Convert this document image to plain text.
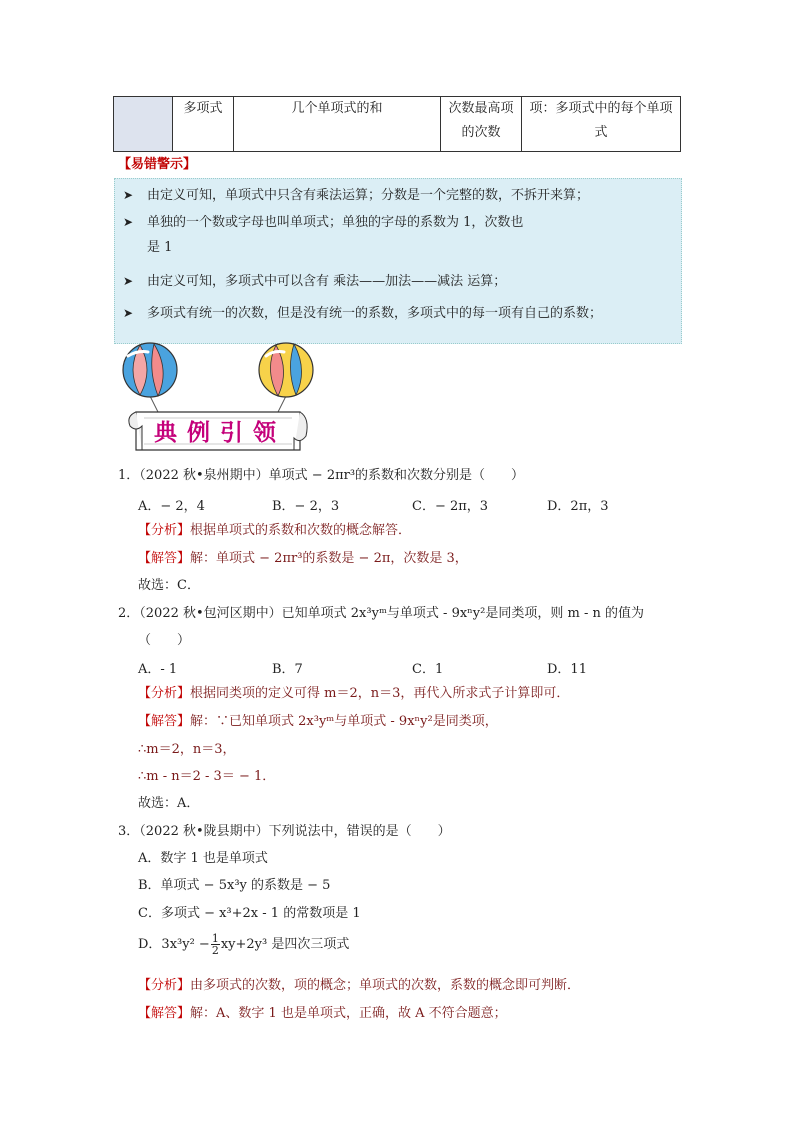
	多项式	几个单项式的和	次数最高项的次数	项：多项式中的每个单项式
【易错警示】
➤ 由定义可知，单项式中只含有乘法运算；分数是一个完整的数，不拆开来算；
➤ 单独的一个数或字母也叫单项式；单独的字母的系数为 1，次数也
是 1
➤ 由定义可知，多项式中可以含有 乘法——加法——减法 运算；
➤ 多项式有统一的次数，但是没有统一的系数，多项式中的每一项有自己的系数；
典例引领
1．（2022 秋•泉州期中）单项式 − 2πr³的系数和次数分别是（　　）
A．− 2，4	B．− 2，3	C．− 2π，3	D．2π，3
【分析】根据单项式的系数和次数的概念解答．
【解答】解：单项式 − 2πr³的系数是 − 2π，次数是 3，
故选：C．
2．（2022 秋•包河区期中）已知单项式 2x³yᵐ与单项式 - 9xⁿy²是同类项，则 m - n 的值为
（　　）
A．- 1	B．7	C．1	D．11
【分析】根据同类项的定义可得 m＝2，n＝3，再代入所求式子计算即可．
【解答】解：∵已知单项式 2x³yᵐ与单项式 - 9xⁿy²是同类项，
∴m＝2，n＝3，
∴m - n＝2 - 3＝ − 1．
故选：A．
3．（2022 秋•陇县期中）下列说法中，错误的是（　　）
A．数字 1 也是单项式
B．单项式 − 5x³y 的系数是 − 5
C．多项式 − x³+2x - 1 的常数项是 1
D．$3x^3y^2 - \frac{1}{2} xy+2y^3$ 是四次三项式
【分析】由多项式的次数，项的概念；单项式的次数，系数的概念即可判断．
【解答】解：A、数字 1 也是单项式，正确，故 A 不符合题意；
